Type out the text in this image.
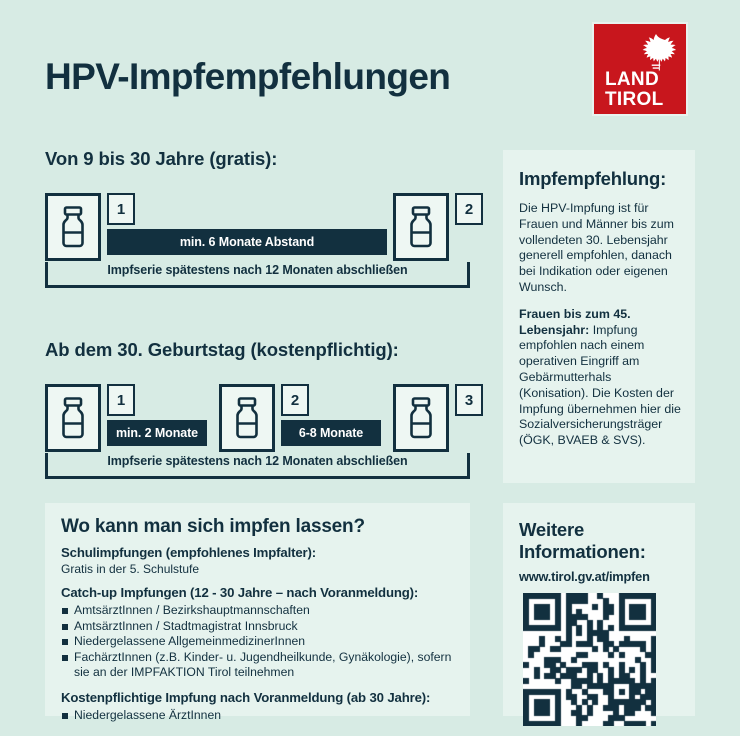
HPV-Impfempfehlungen	LAND
TIROL
Von 9 bis 30 Jahre (gratis):
1
min. 6 Monate Abstand
2
Impfserie spätestens nach 12 Monaten abschließen
Ab dem 30. Geburtstag (kostenpflichtig):
1
min. 2 Monate
2
6-8 Monate
3
Impfserie spätestens nach 12 Monaten abschließen
Impfempfehlung:
Die HPV-Impfung ist für Frauen und Männer bis zum vollendeten 30. Lebensjahr generell empfohlen, danach bei Indikation oder eigenen Wunsch.
Frauen bis zum 45. Lebensjahr: Impfung empfohlen nach einem operativen Eingriff am Gebärmutterhals (Konisation). Die Kosten der Impfung übernehmen hier die Sozialversicherungsträger (ÖGK, BVAEB & SVS).
Wo kann man sich impfen lassen?
Schulimpfungen (empfohlenes Impfalter):
Gratis in der 5. Schulstufe
Catch-up Impfungen (12 - 30 Jahre – nach Voranmeldung):
AmtsärztInnen / Bezirkshauptmannschaften
AmtsärztInnen / Stadtmagistrat Innsbruck
Niedergelassene AllgemeinmedizinerInnen
FachärztInnen (z.B. Kinder- u. Jugendheilkunde, Gynäkologie), sofern sie an der IMPFAKTION Tirol teilnehmen
Kostenpflichtige Impfung nach Voranmeldung (ab 30 Jahre):
Niedergelassene ÄrztInnen
Weitere
Informationen:
www.tirol.gv.at/impfen
